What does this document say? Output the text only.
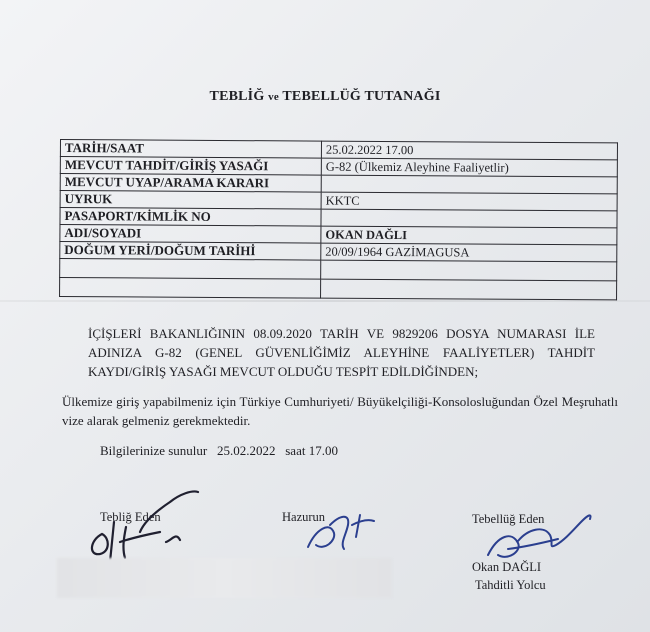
TEBLİĞ ve TEBELLÜĞ TUTANAĞI
TARİH/SAAT	25.02.2022 17.00
MEVCUT TAHDİT/GİRİŞ YASAĞI	G-82 (Ülkemiz Aleyhine Faaliyetlir)
MEVCUT UYAP/ARAMA KARARI	
UYRUK	KKTC
PASAPORT/KİMLİK NO	
ADI/SOYADI	OKAN DAĞLI
DOĞUM YERİ/DOĞUM TARİHİ	20/09/1964 GAZİMAGUSA

İÇİŞLERİ BAKANLIĞININ 08.09.2020 TARİH VE 9829206 DOSYA NUMARASI İLE ADINIZA G-82 (GENEL GÜVENLİĞİMİZ ALEYHİNE FAALİYETLER) TAHDİT KAYDI/GİRİŞ YASAĞI MEVCUT OLDUĞU TESPİT EDİLDİĞİNDEN;
Ülkemize giriş yapabilmeniz için Türkiye Cumhuriyeti/ Büyükelçiliği-Konsolosluğundan Özel Meşruhatlı vize alarak gelmeniz gerekmektedir.
Bilgilerinize sunulur 25.02.2022 saat 17.00
Tebliğ Eden	Hazurun	Tebellüğ Eden
Okan DAĞLI
Tahditli Yolcu
